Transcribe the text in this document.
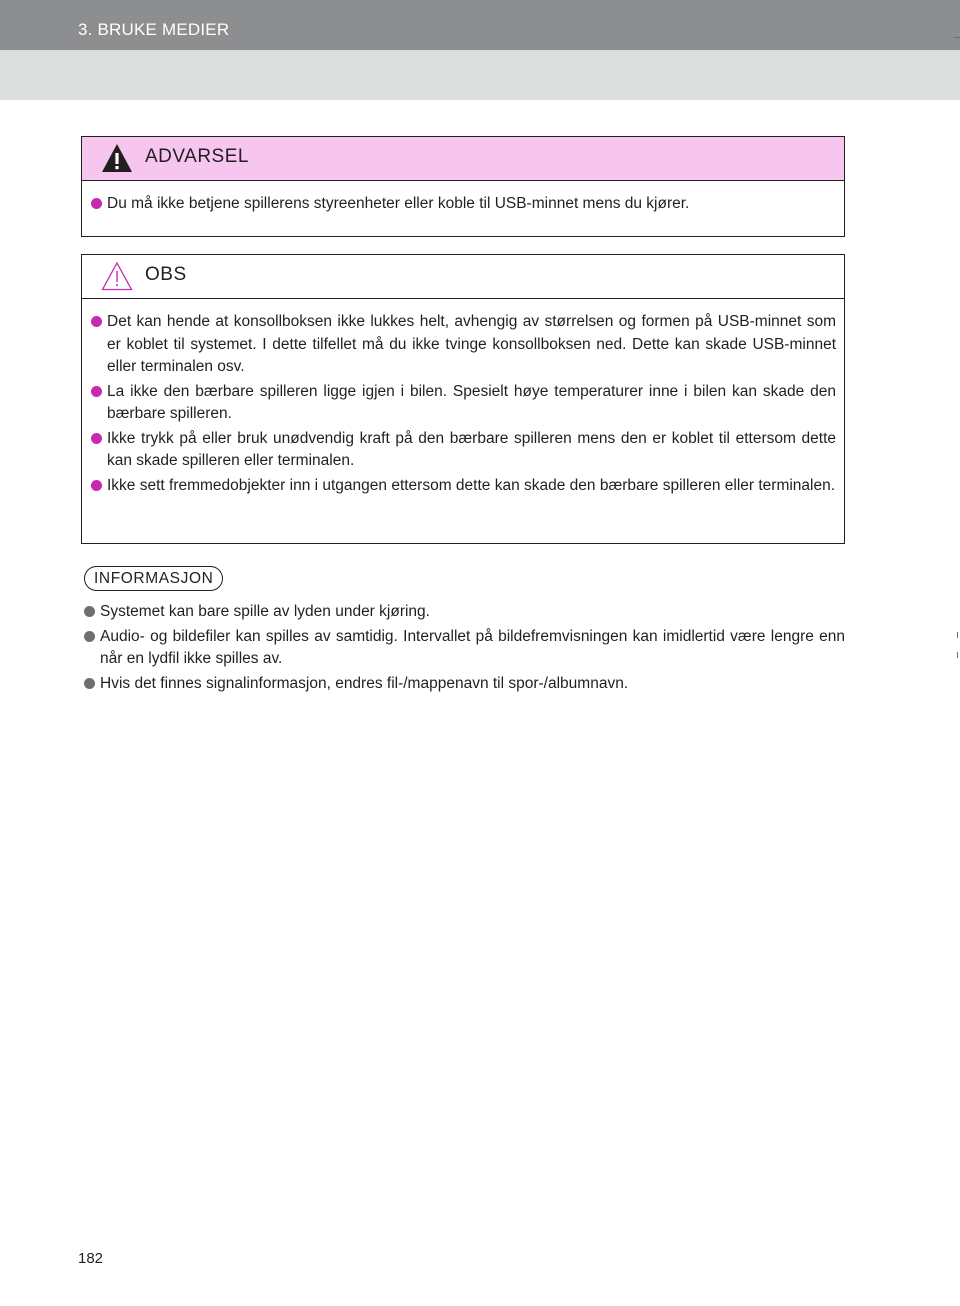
3. BRUKE MEDIER
ADVARSEL
Du må ikke betjene spillerens styreenheter eller koble til USB-minnet mens du kjører.
OBS
Det kan hende at konsollboksen ikke lukkes helt, avhengig av størrelsen og formen på USB-minnet som er koblet til systemet. I dette tilfellet må du ikke tvinge konsollboksen ned. Dette kan skade USB-minnet eller terminalen osv.
La ikke den bærbare spilleren ligge igjen i bilen. Spesielt høye temperaturer inne i bilen kan skade den bærbare spilleren.
Ikke trykk på eller bruk unødvendig kraft på den bærbare spilleren mens den er koblet til ettersom dette kan skade spilleren eller terminalen.
Ikke sett fremmedobjekter inn i utgangen ettersom dette kan skade den bærbare spilleren eller terminalen.
INFORMASJON
Systemet kan bare spille av lyden under kjøring.
Audio- og bildefiler kan spilles av samtidig. Intervallet på bildefremvisningen kan imidlertid være lengre enn når en lydfil ikke spilles av.
Hvis det finnes signalinformasjon, endres fil-/mappenavn til spor-/albumnavn.
182
